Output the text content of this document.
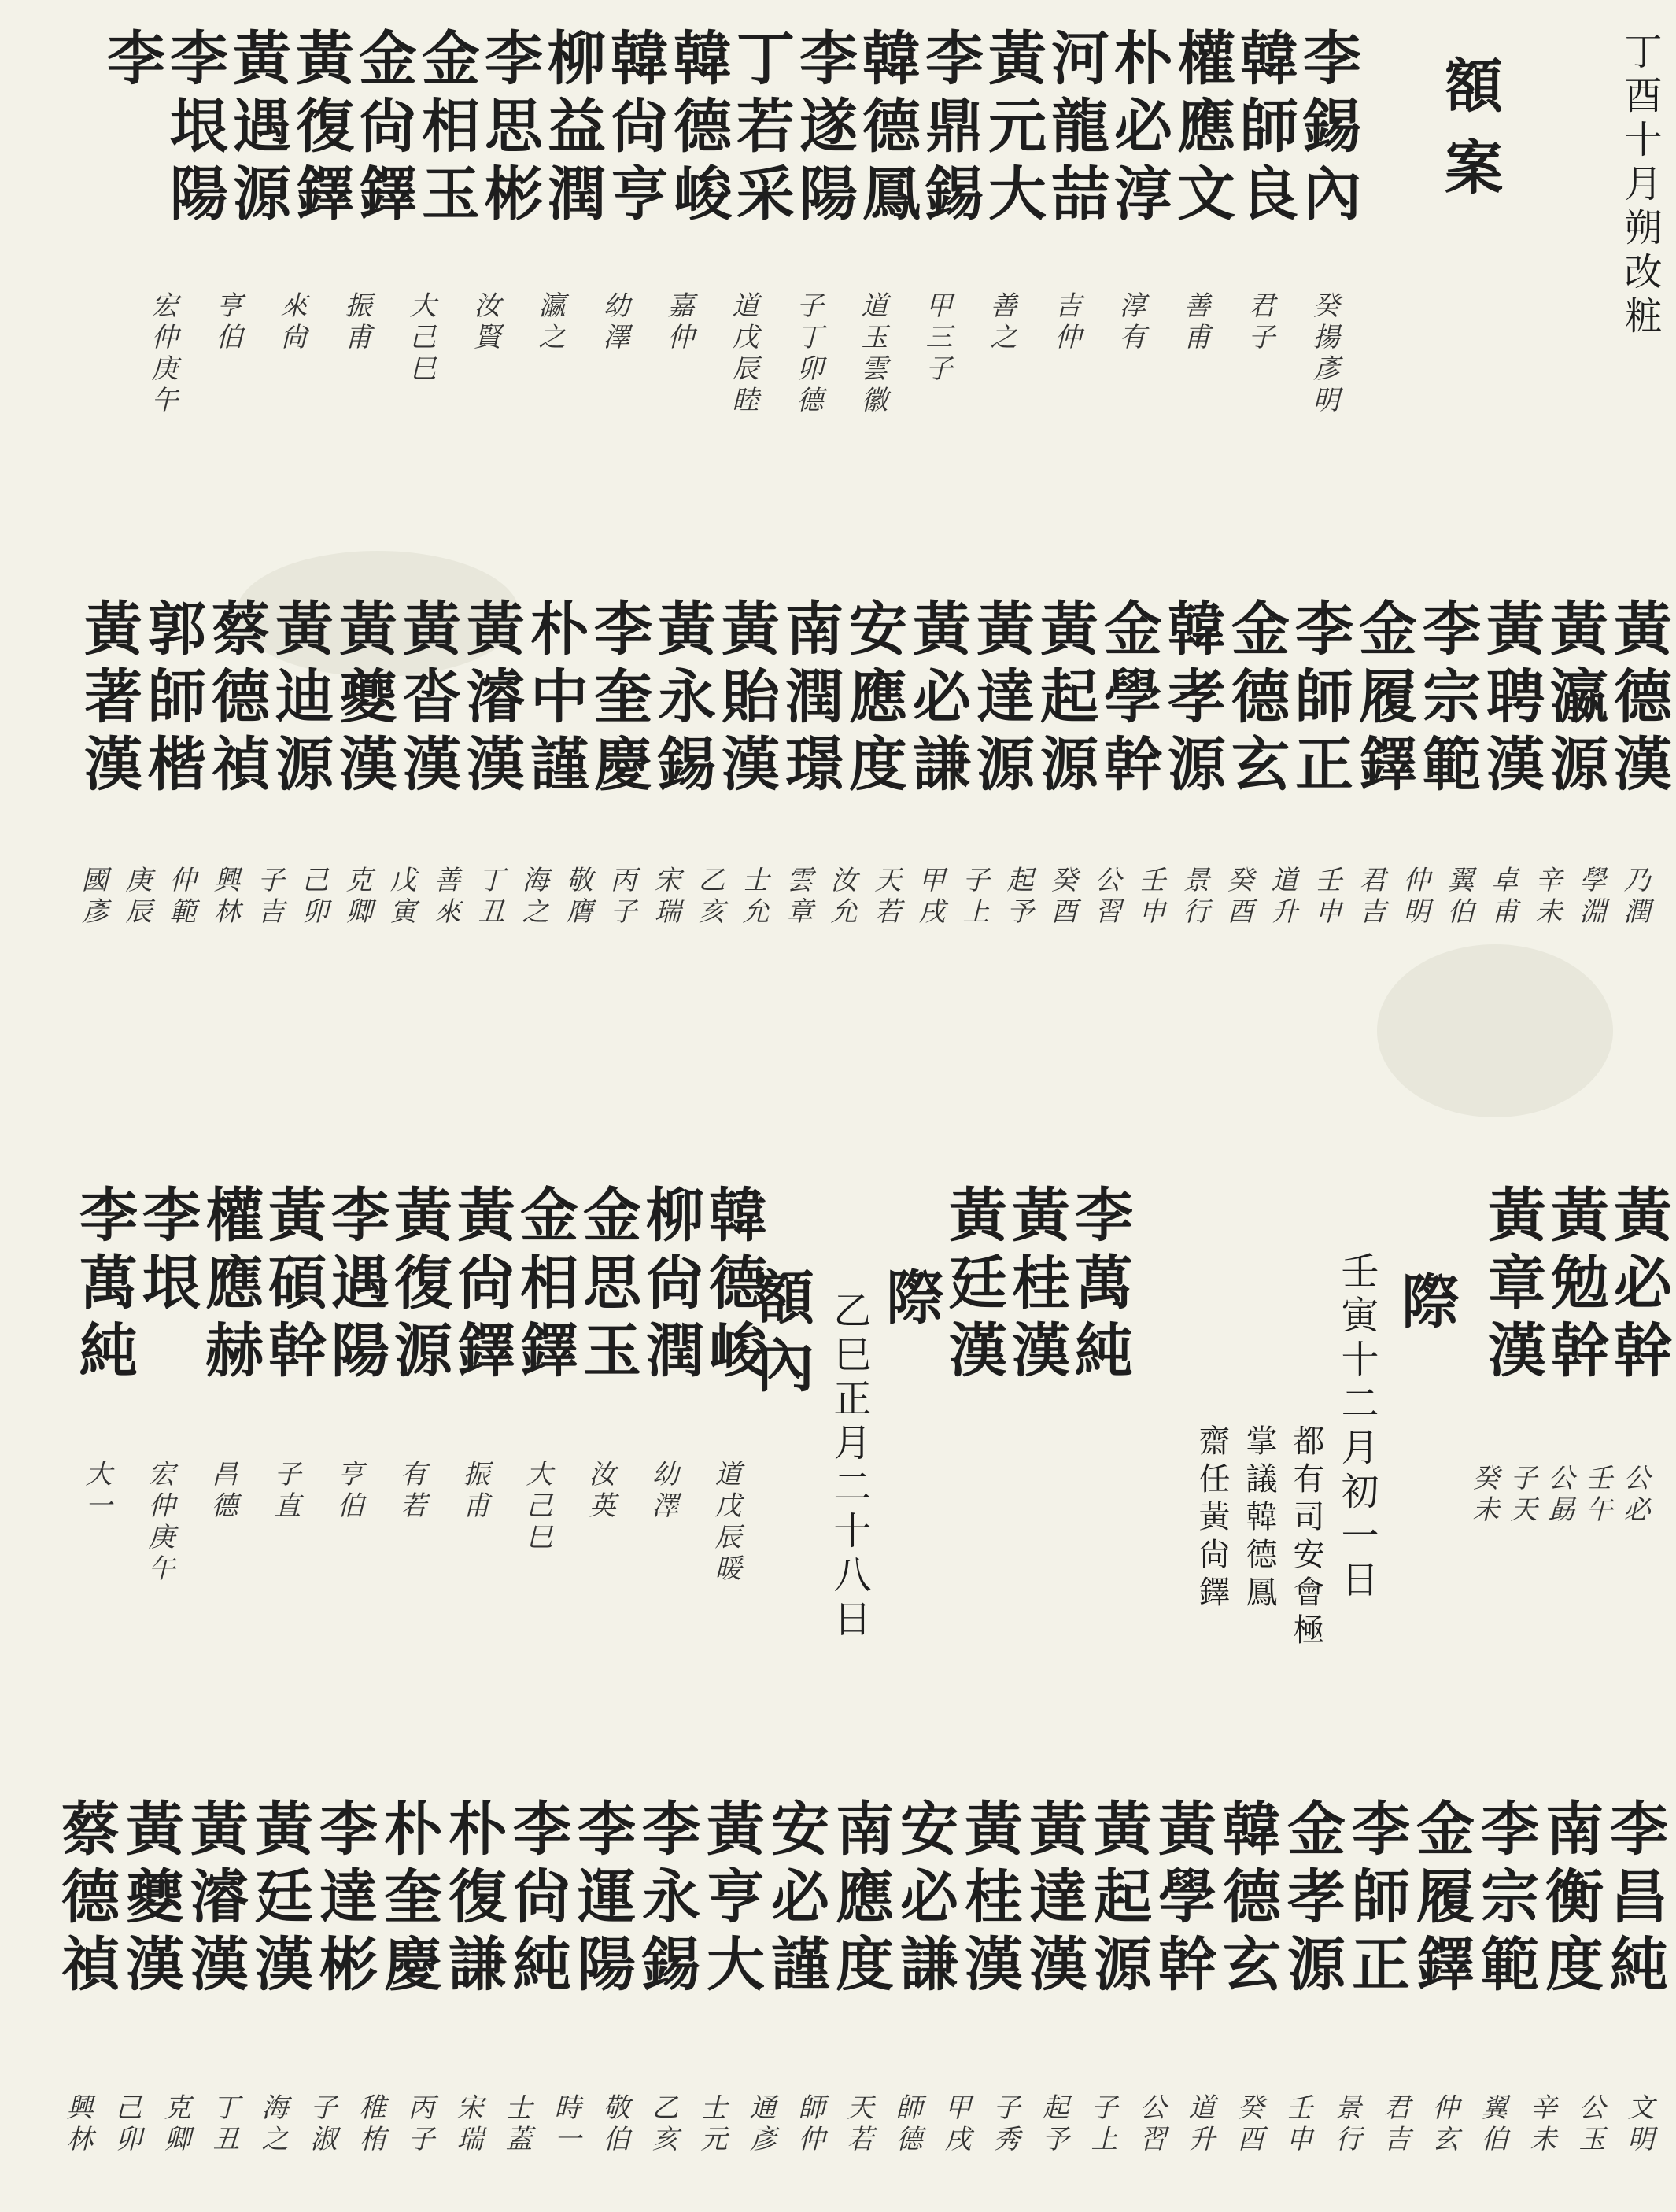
丁酉十月朔改粧
額案
李錫內
韓師良
權應文
朴必淳
河龍喆
黃元大
李鼎錫
韓德鳳
李遂陽
丁若采
韓德峻
韓尙亨
柳益潤
李思彬
金相玉
金尙鐸
黃復鐸
黃遇源
李垠陽
李
癸揚彥明
君子
善甫
淳有
吉仲
善之
甲三子
道玉雲徽
子丁卯德
道戊辰睦
嘉仲
幼澤
瀛之
汝賢
大己巳
振甫
來尙
亨伯
宏仲庚午
黃德漢
黃瀛源
黃聘漢
李宗範
金履鐸
李師正
金德玄
韓孝源
金學幹
黃起源
黃達源
黃必謙
安應度
南潤璟
黃貽漢
黃永錫
李奎慶
朴中謹
黃濬漢
黃沓漢
黃夔漢
黃迪源
蔡德禎
郭師楷
黃著漢
乃潤
學淵
辛未
卓甫
翼伯
仲明
君吉
壬申
道升
癸酉
景行
壬申
公習
癸酉
起予
子上
甲戌
天若
汝允
雲章
士允
乙亥
宋瑞
丙子
敬膺
海之
丁丑
善來
戊寅
克卿
己卯
子吉
興林
仲範
庚辰
國彥
黃必幹
黃勉幹
黃章漢
際
壬寅十二月初一日	公必
壬午
公勗
子天
癸未
都有司安會極
掌議韓德鳳
齋任黃尙鐸
李萬純
黃桂漢
黃廷漢
際
乙巳正月二十八日
額內
韓德峻
柳尙潤
金思玉
金相鐸
黃尙鐸
黃復源
李遇陽
黃碩幹
權應赫
李垠
李萬純
道戊辰暖
幼澤
汝英
大己巳
振甫
有若
亨伯
子直
昌德
宏仲庚午
大一
李昌純
南衡度
李宗範
金履鐸
李師正
金孝源
韓德玄
黃學幹
黃起源
黃達漢
黃桂漢
安必謙
南應度
安必謹
黃亨大
李永錫
李運陽
李尙純
朴復謙
朴奎慶
李達彬
黃廷漢
黃濬漢
黃夔漢
蔡德禎
文明
公玉
辛未
翼伯
仲玄
君吉
景行
壬申
癸酉
道升
公習
子上
起予
子秀
甲戌
師德
天若
師仲
通彥
士元
乙亥
敬伯
時一
士蓋
宋瑞
丙子
稚栯
子淑
海之
丁丑
克卿
己卯
興林
